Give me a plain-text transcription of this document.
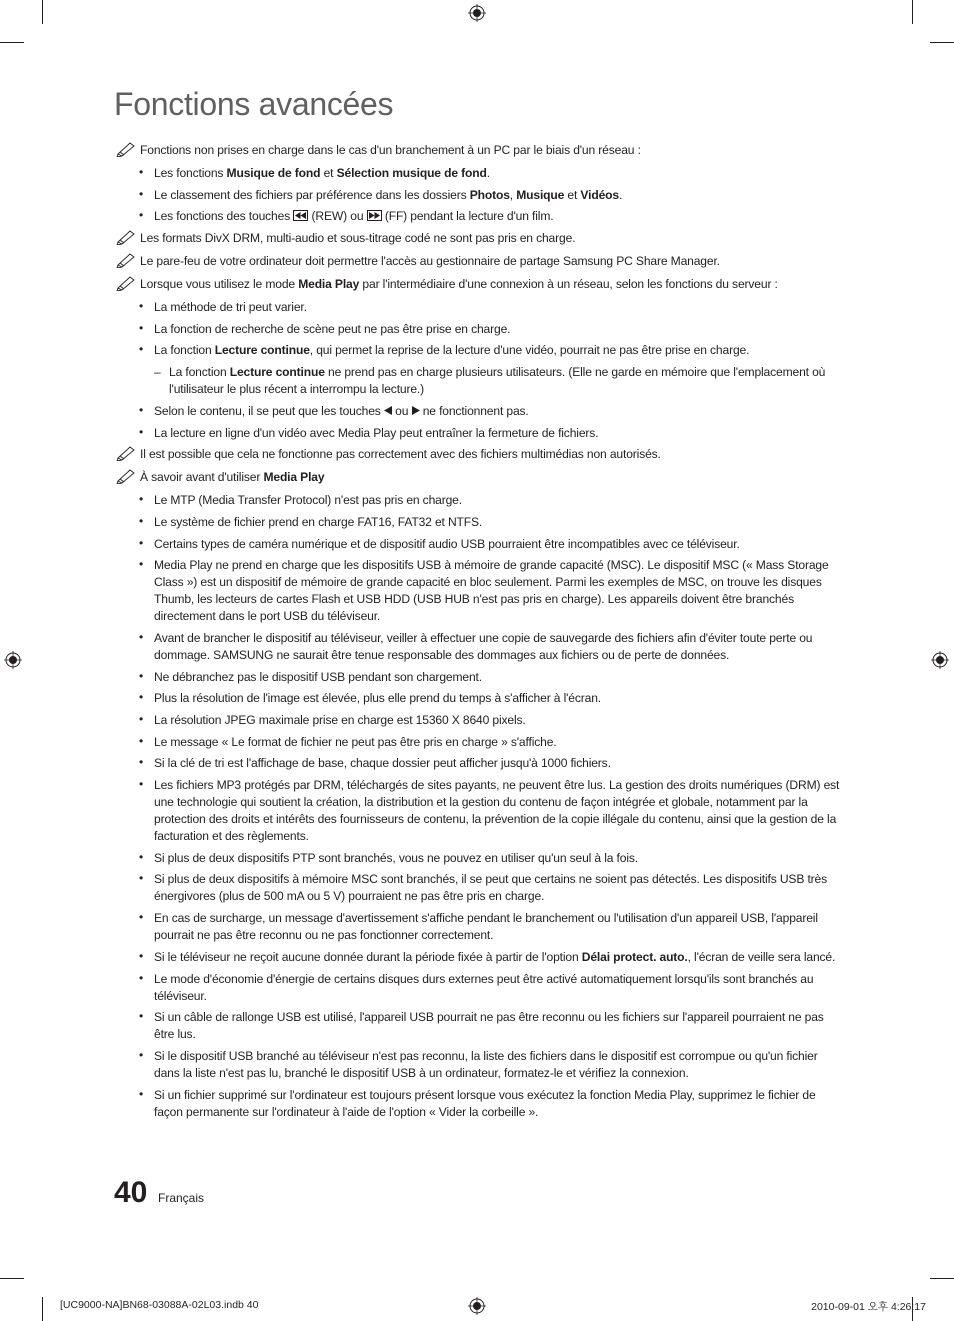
Fonctions avancées
Fonctions non prises en charge dans le cas d'un branchement à un PC par le biais d'un réseau :
• Les fonctions Musique de fond et Sélection musique de fond.
• Le classement des fichiers par préférence dans les dossiers Photos, Musique et Vidéos.
• Les fonctions des touches
(REW) ou
(FF) pendant la lecture d'un film.
Les formats DivX DRM, multi-audio et sous-titrage codé ne sont pas pris en charge.
Le pare-feu de votre ordinateur doit permettre l'accès au gestionnaire de partage Samsung PC Share Manager.
Lorsque vous utilisez le mode Media Play par l'intermédiaire d'une connexion à un réseau, selon les fonctions du serveur :
• La méthode de tri peut varier.
• La fonction de recherche de scène peut ne pas être prise en charge.
• La fonction Lecture continue, qui permet la reprise de la lecture d'une vidéo, pourrait ne pas être prise en charge.
– La fonction Lecture continue ne prend pas en charge plusieurs utilisateurs. (Elle ne garde en mémoire que l'emplacement où l'utilisateur le plus récent a interrompu la lecture.)
• Selon le contenu, il se peut que les touches  ou  ne fonctionnent pas.
• La lecture en ligne d'un vidéo avec Media Play peut entraîner la fermeture de fichiers.
Il est possible que cela ne fonctionne pas correctement avec des fichiers multimédias non autorisés.
À savoir avant d'utiliser Media Play
• Le MTP (Media Transfer Protocol) n'est pas pris en charge.
• Le système de fichier prend en charge FAT16, FAT32 et NTFS.
• Certains types de caméra numérique et de dispositif audio USB pourraient être incompatibles avec ce téléviseur.
• Media Play ne prend en charge que les dispositifs USB à mémoire de grande capacité (MSC). Le dispositif MSC (« Mass Storage Class ») est un dispositif de mémoire de grande capacité en bloc seulement. Parmi les exemples de MSC, on trouve les disques Thumb, les lecteurs de cartes Flash et USB HDD (USB HUB n'est pas pris en charge). Les appareils doivent être branchés directement dans le port USB du téléviseur.
• Avant de brancher le dispositif au téléviseur, veiller à effectuer une copie de sauvegarde des fichiers afin d'éviter toute perte ou dommage. SAMSUNG ne saurait être tenue responsable des dommages aux fichiers ou de perte de données.
• Ne débranchez pas le dispositif USB pendant son chargement.
• Plus la résolution de l'image est élevée, plus elle prend du temps à s'afficher à l'écran.
• La résolution JPEG maximale prise en charge est 15360 X 8640 pixels.
• Le message « Le format de fichier ne peut pas être pris en charge » s'affiche.
• Si la clé de tri est l'affichage de base, chaque dossier peut afficher jusqu'à 1000 fichiers.
• Les fichiers MP3 protégés par DRM, téléchargés de sites payants, ne peuvent être lus. La gestion des droits numériques (DRM) est une technologie qui soutient la création, la distribution et la gestion du contenu de façon intégrée et globale, notamment par la protection des droits et intérêts des fournisseurs de contenu, la prévention de la copie illégale du contenu, ainsi que la gestion de la facturation et des règlements.
• Si plus de deux dispositifs PTP sont branchés, vous ne pouvez en utiliser qu'un seul à la fois.
• Si plus de deux dispositifs à mémoire MSC sont branchés, il se peut que certains ne soient pas détectés. Les dispositifs USB très énergivores (plus de 500 mA ou 5 V) pourraient ne pas être pris en charge.
• En cas de surcharge, un message d'avertissement s'affiche pendant le branchement ou l'utilisation d'un appareil USB, l'appareil pourrait ne pas être reconnu ou ne pas fonctionner correctement.
• Si le téléviseur ne reçoit aucune donnée durant la période fixée à partir de l'option Délai protect. auto., l'écran de veille sera lancé.
• Le mode d'économie d'énergie de certains disques durs externes peut être activé automatiquement lorsqu'ils sont branchés au téléviseur.
• Si un câble de rallonge USB est utilisé, l'appareil USB pourrait ne pas être reconnu ou les fichiers sur l'appareil pourraient ne pas être lus.
• Si le dispositif USB branché au téléviseur n'est pas reconnu, la liste des fichiers dans le dispositif est corrompue ou qu'un fichier dans la liste n'est pas lu, branché le dispositif USB à un ordinateur, formatez-le et vérifiez la connexion.
• Si un fichier supprimé sur l'ordinateur est toujours présent lorsque vous exécutez la fonction Media Play, supprimez le fichier de façon permanente sur l'ordinateur à l'aide de l'option « Vider la corbeille ».
40 Français
[UC9000-NA]BN68-03088A-02L03.indb 40	2010-09-01 오후 4:26:17
